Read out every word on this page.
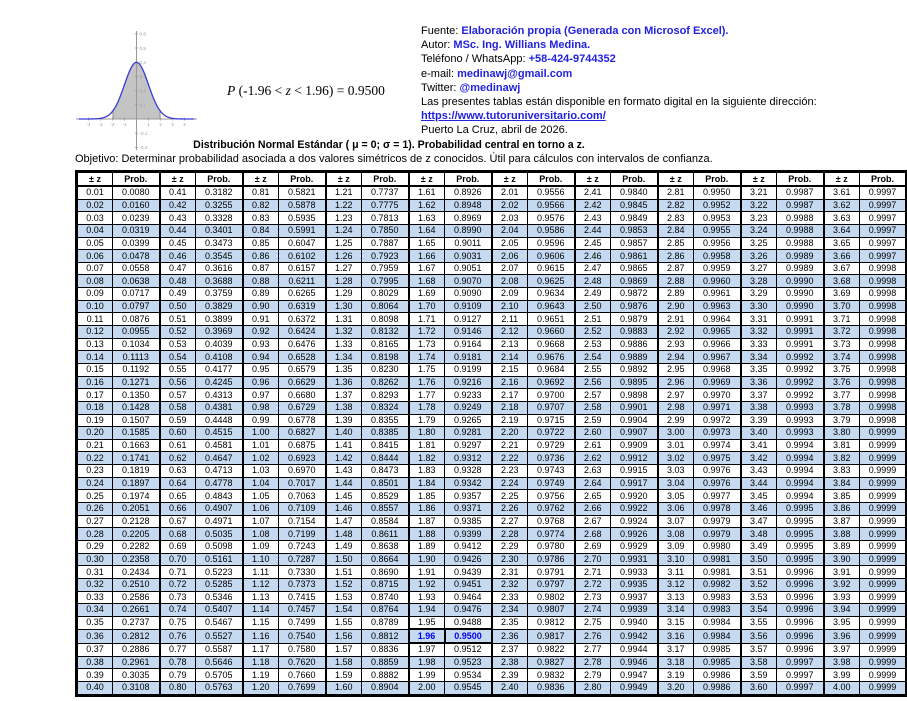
-4 -3 -2 -1	1 2 3 4
0.6
0.5
0.4
0.3
0.2
0.1
-0.1
-0.2
P (-1.96 < z < 1.96) = 0.9500
Fuente: Elaboración propia (Generada con Microsof Excel).
Autor: MSc. Ing. Willians Medina.
Teléfono / WhatsApp: +58-424-9744352
e-mail: medinawj@gmail.com
Twitter: @medinawj
Las presentes tablas están disponible en formato digital en la siguiente dirección:
https://www.tutoruniversitario.com/
Puerto La Cruz, abril de 2026.
Distribución Normal Estándar ( μ = 0; σ = 1). Probabilidad central en torno a z.
Objetivo: Determinar probabilidad asociada a dos valores simétricos de z conocidos. Útil para cálculos con intervalos de confianza.
± z	Prob.	± z	Prob.	± z	Prob.	± z	Prob.	± z	Prob.	± z	Prob.	± z	Prob.	± z	Prob.	± z	Prob.	± z	Prob.
0.01	0.0080	0.41	0.3182	0.81	0.5821	1.21	0.7737	1.61	0.8926	2.01	0.9556	2.41	0.9840	2.81	0.9950	3.21	0.9987	3.61	0.9997
0.02	0.0160	0.42	0.3255	0.82	0.5878	1.22	0.7775	1.62	0.8948	2.02	0.9566	2.42	0.9845	2.82	0.9952	3.22	0.9987	3.62	0.9997
0.03	0.0239	0.43	0.3328	0.83	0.5935	1.23	0.7813	1.63	0.8969	2.03	0.9576	2.43	0.9849	2.83	0.9953	3.23	0.9988	3.63	0.9997
0.04	0.0319	0.44	0.3401	0.84	0.5991	1.24	0.7850	1.64	0.8990	2.04	0.9586	2.44	0.9853	2.84	0.9955	3.24	0.9988	3.64	0.9997
0.05	0.0399	0.45	0.3473	0.85	0.6047	1.25	0.7887	1.65	0.9011	2.05	0.9596	2.45	0.9857	2.85	0.9956	3.25	0.9988	3.65	0.9997
0.06	0.0478	0.46	0.3545	0.86	0.6102	1.26	0.7923	1.66	0.9031	2.06	0.9606	2.46	0.9861	2.86	0.9958	3.26	0.9989	3.66	0.9997
0.07	0.0558	0.47	0.3616	0.87	0.6157	1.27	0.7959	1.67	0.9051	2.07	0.9615	2.47	0.9865	2.87	0.9959	3.27	0.9989	3.67	0.9998
0.08	0.0638	0.48	0.3688	0.88	0.6211	1.28	0.7995	1.68	0.9070	2.08	0.9625	2.48	0.9869	2.88	0.9960	3.28	0.9990	3.68	0.9998
0.09	0.0717	0.49	0.3759	0.89	0.6265	1.29	0.8029	1.69	0.9090	2.09	0.9634	2.49	0.9872	2.89	0.9961	3.29	0.9990	3.69	0.9998
0.10	0.0797	0.50	0.3829	0.90	0.6319	1.30	0.8064	1.70	0.9109	2.10	0.9643	2.50	0.9876	2.90	0.9963	3.30	0.9990	3.70	0.9998
0.11	0.0876	0.51	0.3899	0.91	0.6372	1.31	0.8098	1.71	0.9127	2.11	0.9651	2.51	0.9879	2.91	0.9964	3.31	0.9991	3.71	0.9998
0.12	0.0955	0.52	0.3969	0.92	0.6424	1.32	0.8132	1.72	0.9146	2.12	0.9660	2.52	0.9883	2.92	0.9965	3.32	0.9991	3.72	0.9998
0.13	0.1034	0.53	0.4039	0.93	0.6476	1.33	0.8165	1.73	0.9164	2.13	0.9668	2.53	0.9886	2.93	0.9966	3.33	0.9991	3.73	0.9998
0.14	0.1113	0.54	0.4108	0.94	0.6528	1.34	0.8198	1.74	0.9181	2.14	0.9676	2.54	0.9889	2.94	0.9967	3.34	0.9992	3.74	0.9998
0.15	0.1192	0.55	0.4177	0.95	0.6579	1.35	0.8230	1.75	0.9199	2.15	0.9684	2.55	0.9892	2.95	0.9968	3.35	0.9992	3.75	0.9998
0.16	0.1271	0.56	0.4245	0.96	0.6629	1.36	0.8262	1.76	0.9216	2.16	0.9692	2.56	0.9895	2.96	0.9969	3.36	0.9992	3.76	0.9998
0.17	0.1350	0.57	0.4313	0.97	0.6680	1.37	0.8293	1.77	0.9233	2.17	0.9700	2.57	0.9898	2.97	0.9970	3.37	0.9992	3.77	0.9998
0.18	0.1428	0.58	0.4381	0.98	0.6729	1.38	0.8324	1.78	0.9249	2.18	0.9707	2.58	0.9901	2.98	0.9971	3.38	0.9993	3.78	0.9998
0.19	0.1507	0.59	0.4448	0.99	0.6778	1.39	0.8355	1.79	0.9265	2.19	0.9715	2.59	0.9904	2.99	0.9972	3.39	0.9993	3.79	0.9998
0.20	0.1585	0.60	0.4515	1.00	0.6827	1.40	0.8385	1.80	0.9281	2.20	0.9722	2.60	0.9907	3.00	0.9973	3.40	0.9993	3.80	0.9999
0.21	0.1663	0.61	0.4581	1.01	0.6875	1.41	0.8415	1.81	0.9297	2.21	0.9729	2.61	0.9909	3.01	0.9974	3.41	0.9994	3.81	0.9999
0.22	0.1741	0.62	0.4647	1.02	0.6923	1.42	0.8444	1.82	0.9312	2.22	0.9736	2.62	0.9912	3.02	0.9975	3.42	0.9994	3.82	0.9999
0.23	0.1819	0.63	0.4713	1.03	0.6970	1.43	0.8473	1.83	0.9328	2.23	0.9743	2.63	0.9915	3.03	0.9976	3.43	0.9994	3.83	0.9999
0.24	0.1897	0.64	0.4778	1.04	0.7017	1.44	0.8501	1.84	0.9342	2.24	0.9749	2.64	0.9917	3.04	0.9976	3.44	0.9994	3.84	0.9999
0.25	0.1974	0.65	0.4843	1.05	0.7063	1.45	0.8529	1.85	0.9357	2.25	0.9756	2.65	0.9920	3.05	0.9977	3.45	0.9994	3.85	0.9999
0.26	0.2051	0.66	0.4907	1.06	0.7109	1.46	0.8557	1.86	0.9371	2.26	0.9762	2.66	0.9922	3.06	0.9978	3.46	0.9995	3.86	0.9999
0.27	0.2128	0.67	0.4971	1.07	0.7154	1.47	0.8584	1.87	0.9385	2.27	0.9768	2.67	0.9924	3.07	0.9979	3.47	0.9995	3.87	0.9999
0.28	0.2205	0.68	0.5035	1.08	0.7199	1.48	0.8611	1.88	0.9399	2.28	0.9774	2.68	0.9926	3.08	0.9979	3.48	0.9995	3.88	0.9999
0.29	0.2282	0.69	0.5098	1.09	0.7243	1.49	0.8638	1.89	0.9412	2.29	0.9780	2.69	0.9929	3.09	0.9980	3.49	0.9995	3.89	0.9999
0.30	0.2358	0.70	0.5161	1.10	0.7287	1.50	0.8664	1.90	0.9426	2.30	0.9786	2.70	0.9931	3.10	0.9981	3.50	0.9995	3.90	0.9999
0.31	0.2434	0.71	0.5223	1.11	0.7330	1.51	0.8690	1.91	0.9439	2.31	0.9791	2.71	0.9933	3.11	0.9981	3.51	0.9996	3.91	0.9999
0.32	0.2510	0.72	0.5285	1.12	0.7373	1.52	0.8715	1.92	0.9451	2.32	0.9797	2.72	0.9935	3.12	0.9982	3.52	0.9996	3.92	0.9999
0.33	0.2586	0.73	0.5346	1.13	0.7415	1.53	0.8740	1.93	0.9464	2.33	0.9802	2.73	0.9937	3.13	0.9983	3.53	0.9996	3.93	0.9999
0.34	0.2661	0.74	0.5407	1.14	0.7457	1.54	0.8764	1.94	0.9476	2.34	0.9807	2.74	0.9939	3.14	0.9983	3.54	0.9996	3.94	0.9999
0.35	0.2737	0.75	0.5467	1.15	0.7499	1.55	0.8789	1.95	0.9488	2.35	0.9812	2.75	0.9940	3.15	0.9984	3.55	0.9996	3.95	0.9999
0.36	0.2812	0.76	0.5527	1.16	0.7540	1.56	0.8812	1.96	0.9500	2.36	0.9817	2.76	0.9942	3.16	0.9984	3.56	0.9996	3.96	0.9999
0.37	0.2886	0.77	0.5587	1.17	0.7580	1.57	0.8836	1.97	0.9512	2.37	0.9822	2.77	0.9944	3.17	0.9985	3.57	0.9996	3.97	0.9999
0.38	0.2961	0.78	0.5646	1.18	0.7620	1.58	0.8859	1.98	0.9523	2.38	0.9827	2.78	0.9946	3.18	0.9985	3.58	0.9997	3.98	0.9999
0.39	0.3035	0.79	0.5705	1.19	0.7660	1.59	0.8882	1.99	0.9534	2.39	0.9832	2.79	0.9947	3.19	0.9986	3.59	0.9997	3.99	0.9999
0.40	0.3108	0.80	0.5763	1.20	0.7699	1.60	0.8904	2.00	0.9545	2.40	0.9836	2.80	0.9949	3.20	0.9986	3.60	0.9997	4.00	0.9999
